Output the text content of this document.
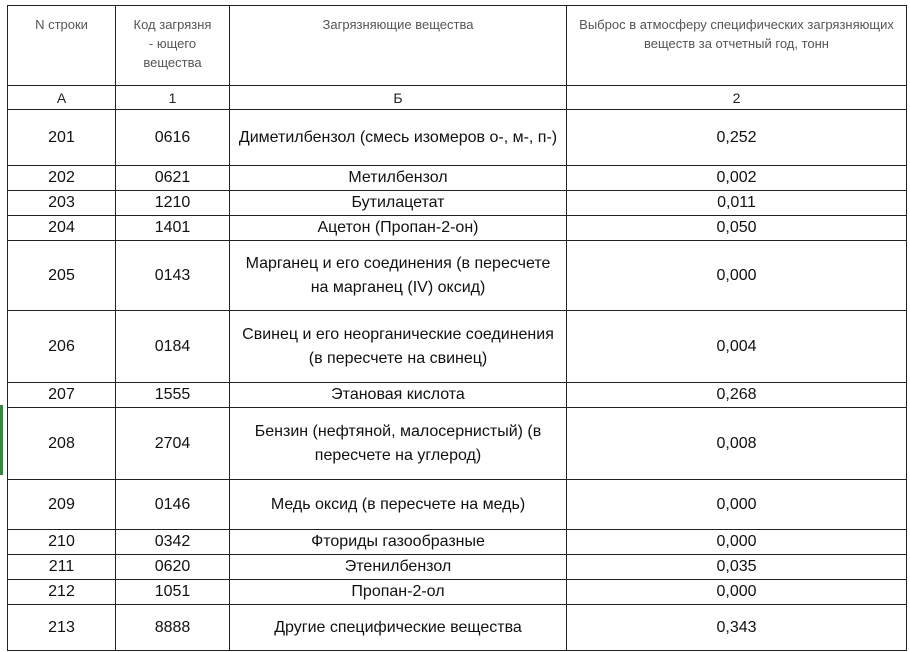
N строки	Код загрязня - ющего вещества	Загрязняющие вещества	Выброс в атмосферу специфических загрязняющих веществ за отчетный год, тонн
А	1	Б	2
201	0616	Диметилбензол (смесь изомеров о-, м-, п-)	0,252
202	0621	Метилбензол	0,002
203	1210	Бутилацетат	0,011
204	1401	Ацетон (Пропан-2-он)	0,050
205	0143	Марганец и его соединения (в пересчете на марганец (IV) оксид)	0,000
206	0184	Свинец и его неорганические соединения (в пересчете на свинец)	0,004
207	1555	Этановая кислота	0,268
208	2704	Бензин (нефтяной, малосернистый) (в пересчете на углерод)	0,008
209	0146	Медь оксид (в пересчете на медь)	0,000
210	0342	Фториды газообразные	0,000
211	0620	Этенилбензол	0,035
212	1051	Пропан-2-ол	0,000
213	8888	Другие специфические вещества	0,343
